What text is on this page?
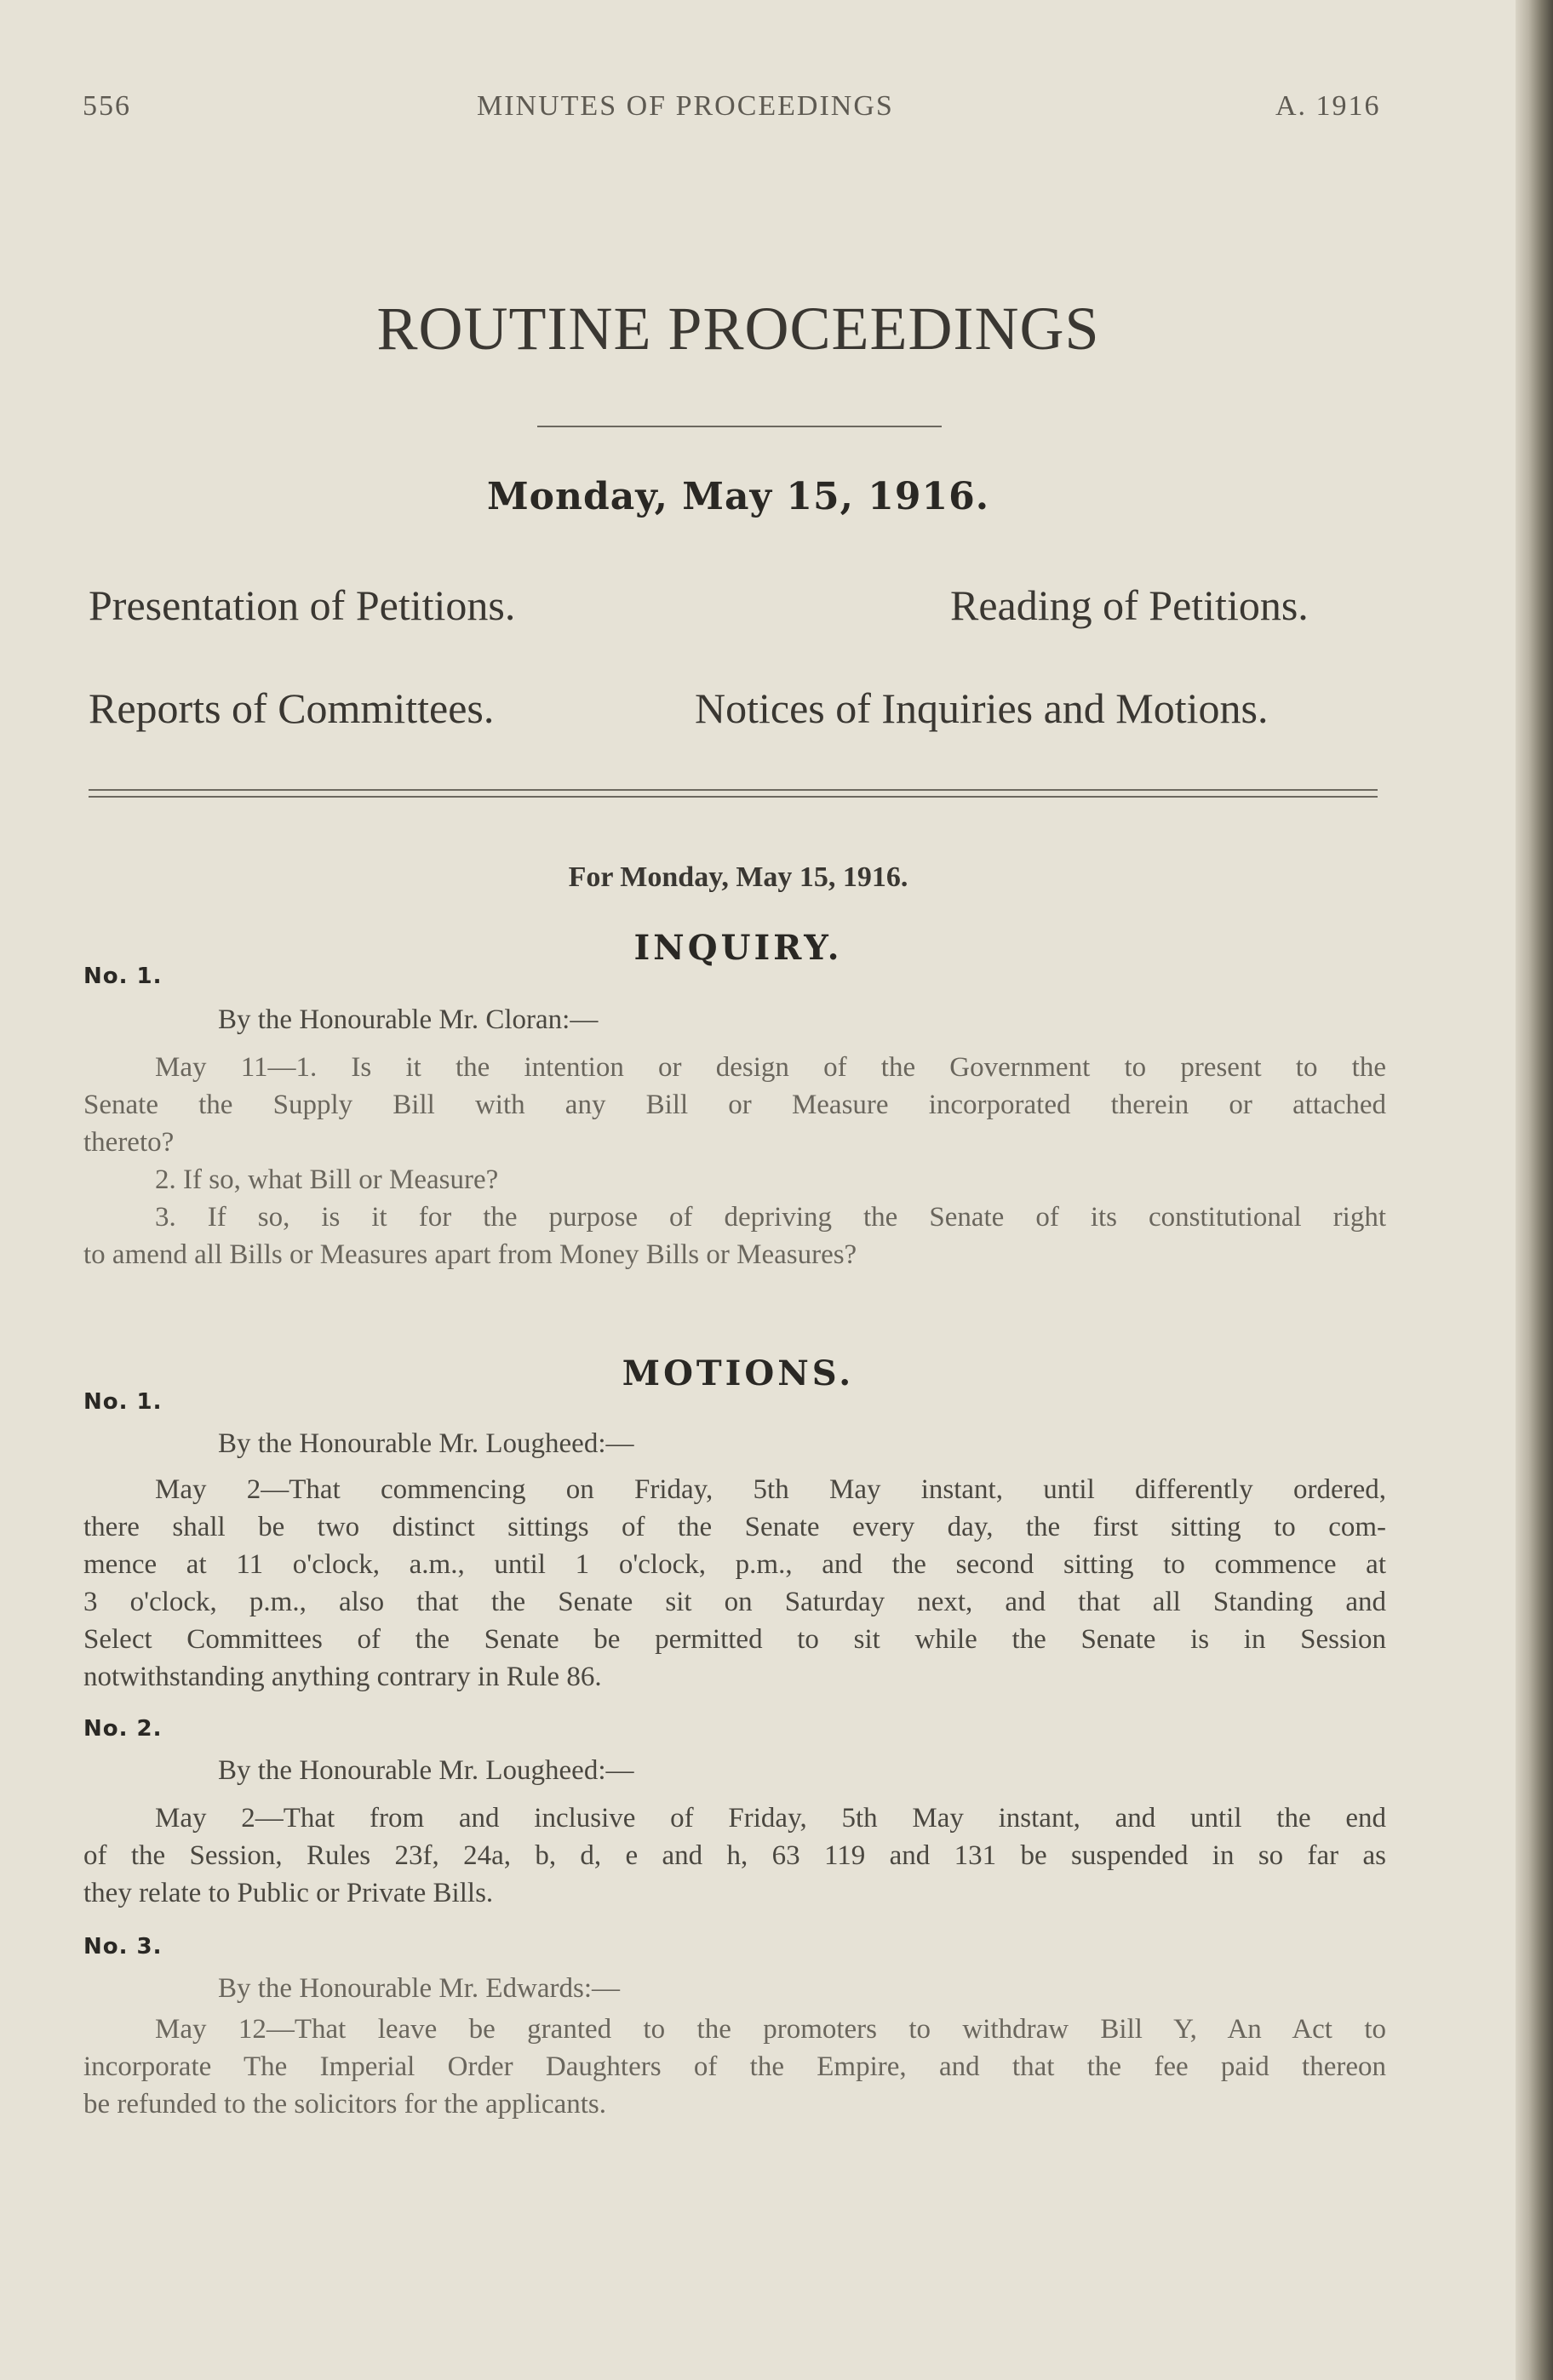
556	MINUTES OF PROCEEDINGS	A. 1916
ROUTINE PROCEEDINGS
Monday, May 15, 1916.
Presentation of Petitions.	Reading of Petitions.
Reports of Committees.	Notices of Inquiries and Motions.
For Monday, May 15, 1916.
INQUIRY.
No. 1.
By the Honourable Mr. Cloran:—
May 11—1. Is it the intention or design of the Government to present to the
Senate the Supply Bill with any Bill or Measure incorporated therein or attached
thereto?
2. If so, what Bill or Measure?
3. If so, is it for the purpose of depriving the Senate of its constitutional right
to amend all Bills or Measures apart from Money Bills or Measures?
MOTIONS.
No. 1.
By the Honourable Mr. Lougheed:—
May 2—That commencing on Friday, 5th May instant, until differently ordered,
there shall be two distinct sittings of the Senate every day, the first sitting to com-
mence at 11 o'clock, a.m., until 1 o'clock, p.m., and the second sitting to commence at
3 o'clock, p.m., also that the Senate sit on Saturday next, and that all Standing and
Select Committees of the Senate be permitted to sit while the Senate is in Session
notwithstanding anything contrary in Rule 86.
No. 2.
By the Honourable Mr. Lougheed:—
May 2—That from and inclusive of Friday, 5th May instant, and until the end
of the Session, Rules 23f, 24a, b, d, e and h, 63 119 and 131 be suspended in so far as
they relate to Public or Private Bills.
No. 3.
By the Honourable Mr. Edwards:—
May 12—That leave be granted to the promoters to withdraw Bill Y, An Act to
incorporate The Imperial Order Daughters of the Empire, and that the fee paid thereon
be refunded to the solicitors for the applicants.
